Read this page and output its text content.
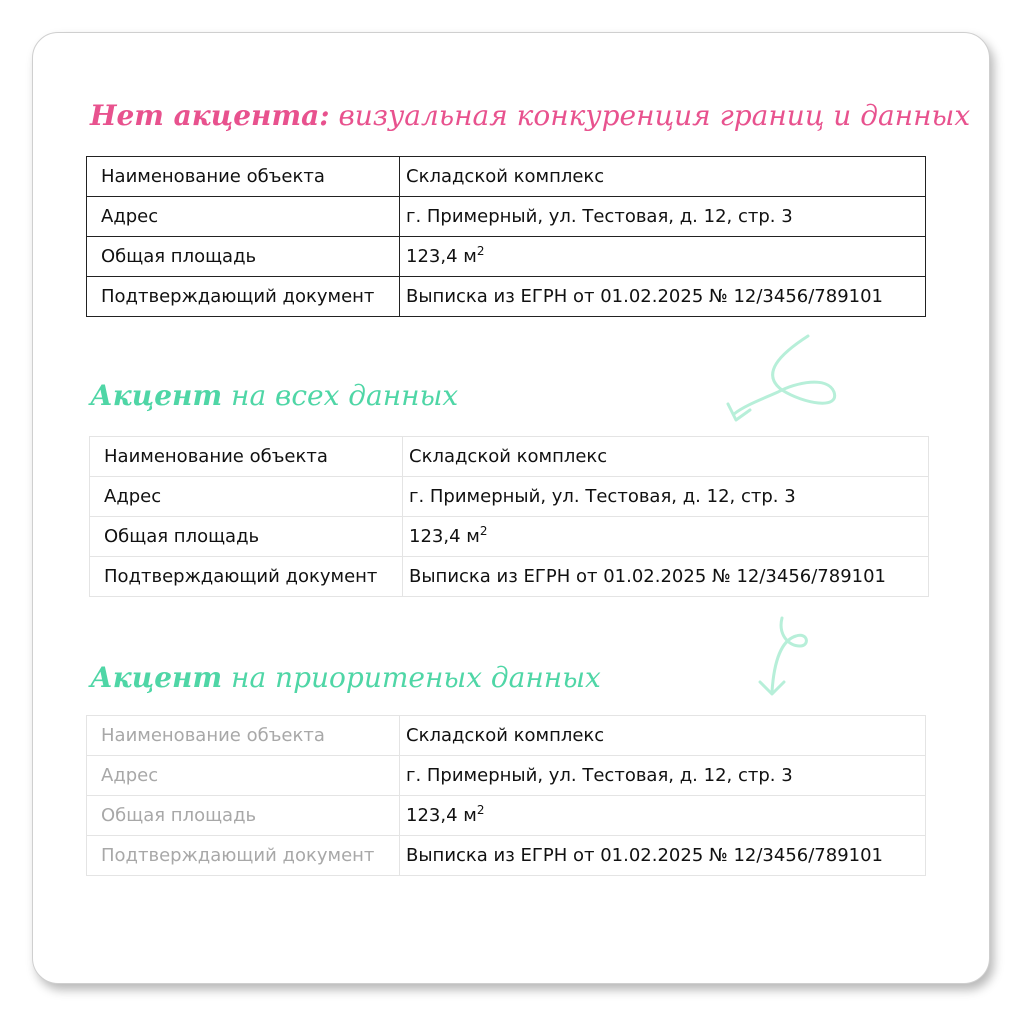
Нет акцента: визуальная конкуренция границ и данных
Наименование объекта	Складской комплекс
Адрес	г. Примерный, ул. Тестовая, д. 12, стр. 3
Общая площадь	123,4 $м^2$
Подтверждающий документ	Выписка из ЕГРН от 01.02.2025 № 12/3456/789101
Акцент на всех данных
Наименование объекта	Складской комплекс
Адрес	г. Примерный, ул. Тестовая, д. 12, стр. 3
Общая площадь	123,4 $м^2$
Подтверждающий документ	Выписка из ЕГРН от 01.02.2025 № 12/3456/789101
Акцент на приоритеных данных
Наименование объекта	Складской комплекс
Адрес	г. Примерный, ул. Тестовая, д. 12, стр. 3
Общая площадь	123,4 $м^2$
Подтверждающий документ	Выписка из ЕГРН от 01.02.2025 № 12/3456/789101
